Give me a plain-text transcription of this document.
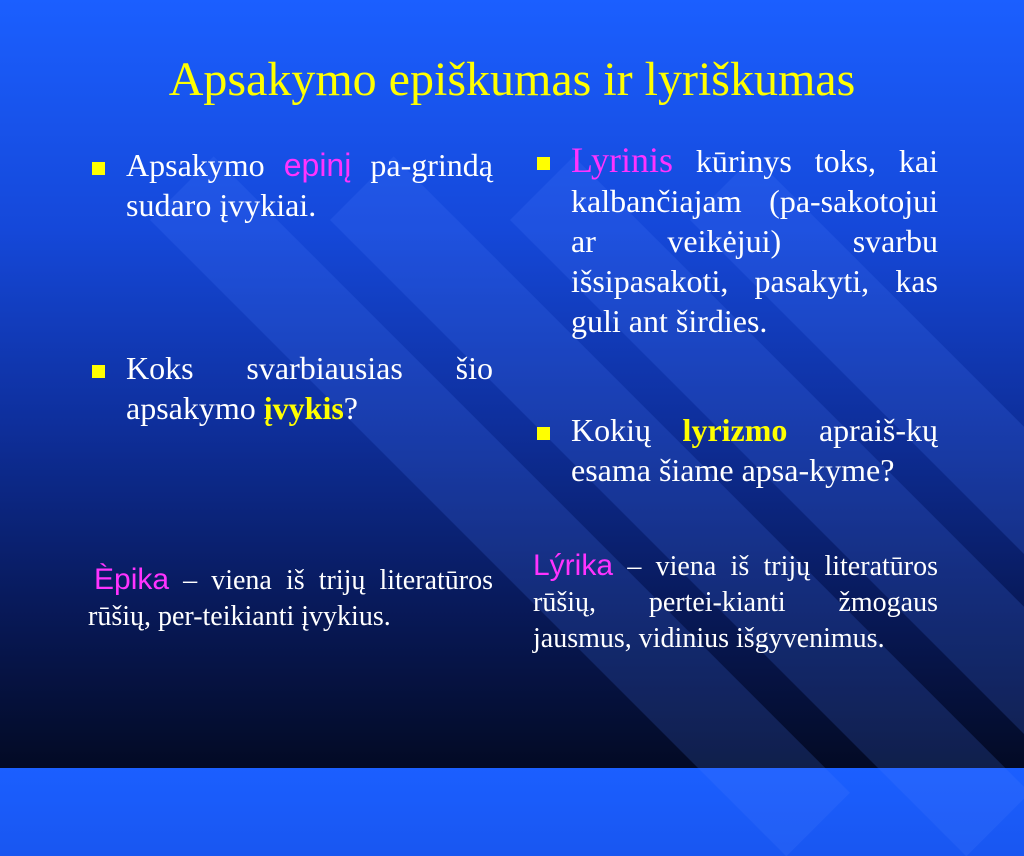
Apsakymo epiškumas ir lyriškumas
Apsakymo epinį pa-grindą sudaro įvykiai.
Koks svarbiausias šio apsakymo įvykis?
Èpika – viena iš trijų literatūros rūšių, per-teikianti įvykius.
Lyrinis kūrinys toks, kai kalbančiajam (pa-sakotojui ar veikėjui) svarbu išsipasakoti, pasakyti, kas guli ant širdies.
Kokių lyrizmo apraiš-kų esama šiame apsa-kyme?
Lýrika – viena iš trijų literatūros rūšių, pertei-kianti žmogaus jausmus, vidinius išgyvenimus.
